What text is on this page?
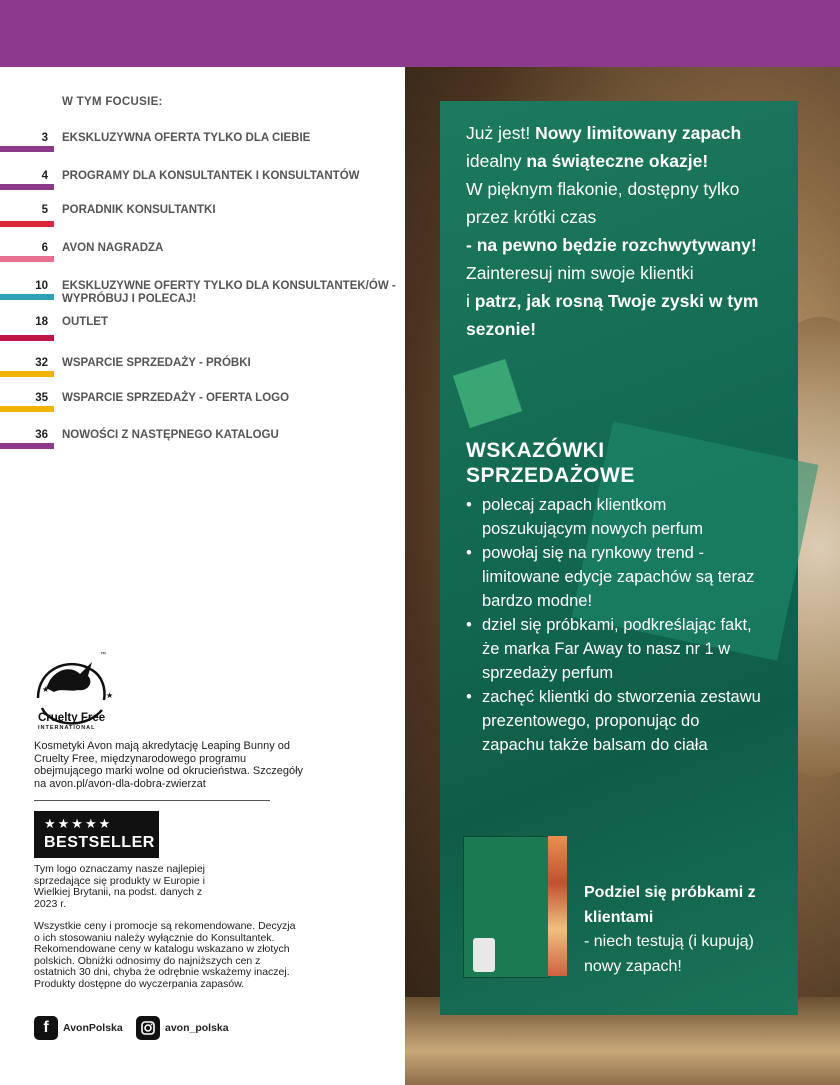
W TYM FOCUSIE:
3 EKSKLUZYWNA OFERTA TYLKO DLA CIEBIE
4 PROGRAMY DLA KONSULTANTEK I KONSULTANTÓW
5 PORADNIK KONSULTANTKI
6 AVON NAGRADZA
10 EKSKLUZYWNE OFERTY TYLKO DLA KONSULTANTEK/ÓW - WYPRÓBUJ I POLECAJ!
18 OUTLET
32 WSPARCIE SPRZEDAŻY - PRÓBKI
35 WSPARCIE SPRZEDAŻY - OFERTA LOGO
36 NOWOŚCI Z NASTĘPNEGO KATALOGU
™
★
★
Cruelty Free
INTERNATIONAL
Kosmetyki Avon mają akredytację Leaping Bunny od Cruelty Free, międzynarodowego programu obejmującego marki wolne od okrucieństwa. Szczegóły na avon.pl/avon-dla-dobra-zwierzat
★★★★★
BESTSELLER
Tym logo oznaczamy nasze najlepiej sprzedające się produkty w Europie i Wielkiej Brytanii, na podst. danych z 2023 r.
Wszystkie ceny i promocje są rekomendowane. Decyzja o ich stosowaniu należy wyłącznie do Konsultantek. Rekomendowane ceny w katalogu wskazano w złotych polskich. Obniżki odnosimy do najniższych cen z ostatnich 30 dni, chyba że odrębnie wskażemy inaczej. Produkty dostępne do wyczerpania zapasów.
f	AvonPolska	avon_polska
Już jest! Nowy limitowany zapach
idealny na świąteczne okazje!
W pięknym flakonie, dostępny tylko przez krótki czas
- na pewno będzie rozchwytywany!
Zainteresuj nim swoje klientki
i patrz, jak rosną Twoje zyski w tym sezonie!
WSKAZÓWKI
SPRZEDAŻOWE
• polecaj zapach klientkom poszukującym nowych perfum
• powołaj się na rynkowy trend - limitowane edycje zapachów są teraz bardzo modne!
• dziel się próbkami, podkreślając fakt, że marka Far Away to nasz nr 1 w sprzedaży perfum
• zachęć klientki do stworzenia zestawu prezentowego, proponując do zapachu także balsam do ciała
Podziel się próbkami z klientami
- niech testują (i kupują) nowy zapach!
